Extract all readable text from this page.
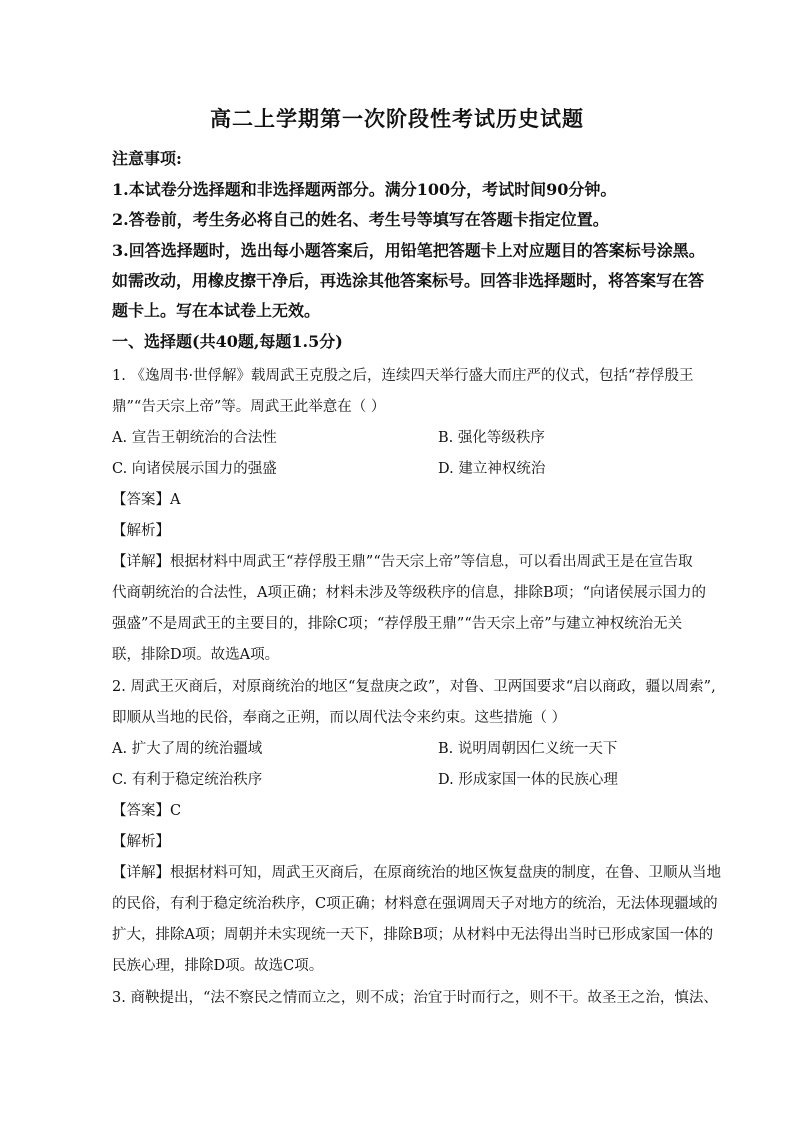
高二上学期第一次阶段性考试历史试题
注意事项:
1.本试卷分选择题和非选择题两部分。满分100分，考试时间90分钟。
2.答卷前，考生务必将自己的姓名、考生号等填写在答题卡指定位置。
3.回答选择题时，选出每小题答案后，用铅笔把答题卡上对应题目的答案标号涂黑。
如需改动，用橡皮擦干净后，再选涂其他答案标号。回答非选择题时，将答案写在答
题卡上。写在本试卷上无效。
一、选择题(共40题,每题1.5分)
1. 《逸周书·世俘解》载周武王克殷之后，连续四天举行盛大而庄严的仪式，包括“荐俘殷王
鼎”“告天宗上帝”等。周武王此举意在（ ）
A. 宣告王朝统治的合法性	B. 强化等级秩序
C. 向诸侯展示国力的强盛	D. 建立神权统治
【答案】A
【解析】
【详解】根据材料中周武王“荐俘殷王鼎”“告天宗上帝”等信息，可以看出周武王是在宣告取
代商朝统治的合法性，A项正确；材料未涉及等级秩序的信息，排除B项；“向诸侯展示国力的
强盛”不是周武王的主要目的，排除C项；“荐俘殷王鼎”“告天宗上帝”与建立神权统治无关
联，排除D项。故选A项。
2. 周武王灭商后，对原商统治的地区“复盘庚之政”，对鲁、卫两国要求“启以商政，疆以周索”,
即顺从当地的民俗，奉商之正朔，而以周代法令来约束。这些措施（ ）
A. 扩大了周的统治疆域	B. 说明周朝因仁义统一天下
C. 有利于稳定统治秩序	D. 形成家国一体的民族心理
【答案】C
【解析】
【详解】根据材料可知，周武王灭商后，在原商统治的地区恢复盘庚的制度，在鲁、卫顺从当地
的民俗，有利于稳定统治秩序，C项正确；材料意在强调周天子对地方的统治，无法体现疆域的
扩大，排除A项；周朝并未实现统一天下，排除B项；从材料中无法得出当时已形成家国一体的
民族心理，排除D项。故选C项。
3. 商鞅提出，“法不察民之情而立之，则不成；治宜于时而行之，则不干。故圣王之治，慎法、
